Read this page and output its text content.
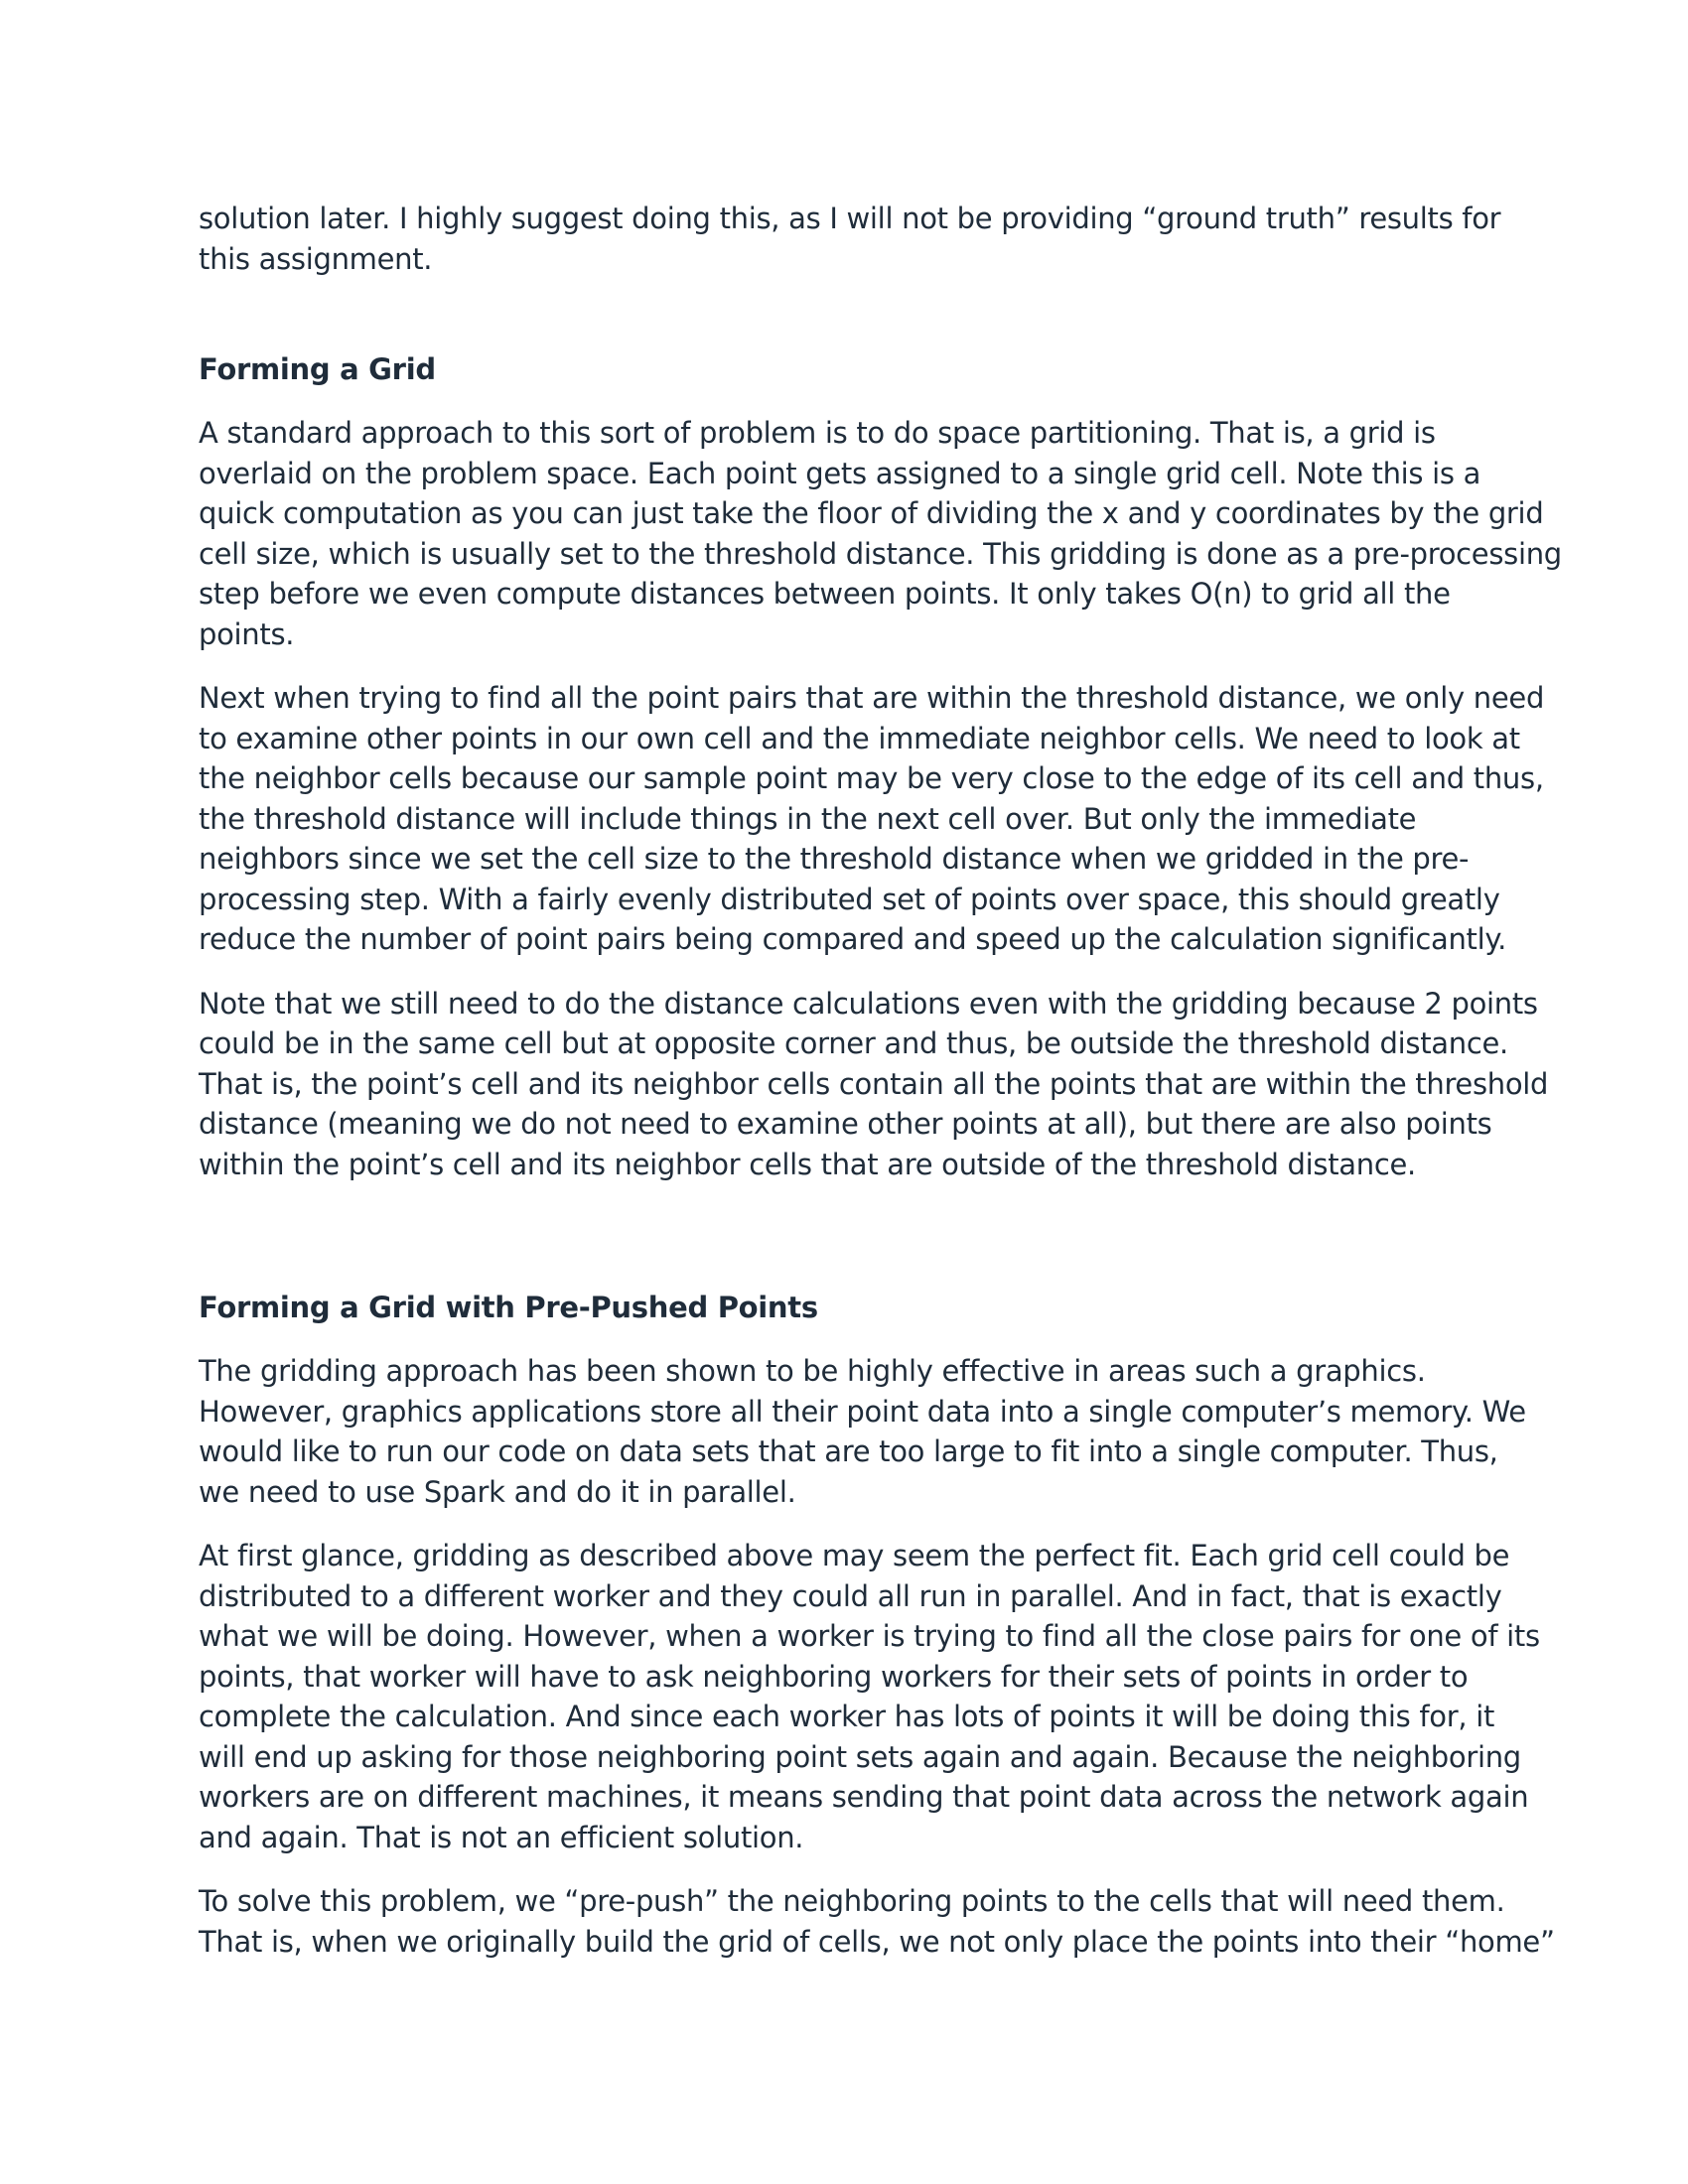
solution later. I highly suggest doing this, as I will not be providing “ground truth” results for
this assignment.
Forming a Grid
A standard approach to this sort of problem is to do space partitioning. That is, a grid is
overlaid on the problem space. Each point gets assigned to a single grid cell. Note this is a
quick computation as you can just take the floor of dividing the x and y coordinates by the grid
cell size, which is usually set to the threshold distance. This gridding is done as a pre-processing
step before we even compute distances between points. It only takes O(n) to grid all the
points.
Next when trying to find all the point pairs that are within the threshold distance, we only need
to examine other points in our own cell and the immediate neighbor cells. We need to look at
the neighbor cells because our sample point may be very close to the edge of its cell and thus,
the threshold distance will include things in the next cell over. But only the immediate
neighbors since we set the cell size to the threshold distance when we gridded in the pre-
processing step. With a fairly evenly distributed set of points over space, this should greatly
reduce the number of point pairs being compared and speed up the calculation significantly.
Note that we still need to do the distance calculations even with the gridding because 2 points
could be in the same cell but at opposite corner and thus, be outside the threshold distance.
That is, the point’s cell and its neighbor cells contain all the points that are within the threshold
distance (meaning we do not need to examine other points at all), but there are also points
within the point’s cell and its neighbor cells that are outside of the threshold distance.
Forming a Grid with Pre-Pushed Points
The gridding approach has been shown to be highly effective in areas such a graphics.
However, graphics applications store all their point data into a single computer’s memory. We
would like to run our code on data sets that are too large to fit into a single computer. Thus,
we need to use Spark and do it in parallel.
At first glance, gridding as described above may seem the perfect fit. Each grid cell could be
distributed to a different worker and they could all run in parallel. And in fact, that is exactly
what we will be doing. However, when a worker is trying to find all the close pairs for one of its
points, that worker will have to ask neighboring workers for their sets of points in order to
complete the calculation. And since each worker has lots of points it will be doing this for, it
will end up asking for those neighboring point sets again and again. Because the neighboring
workers are on different machines, it means sending that point data across the network again
and again. That is not an efficient solution.
To solve this problem, we “pre-push” the neighboring points to the cells that will need them.
That is, when we originally build the grid of cells, we not only place the points into their “home”
